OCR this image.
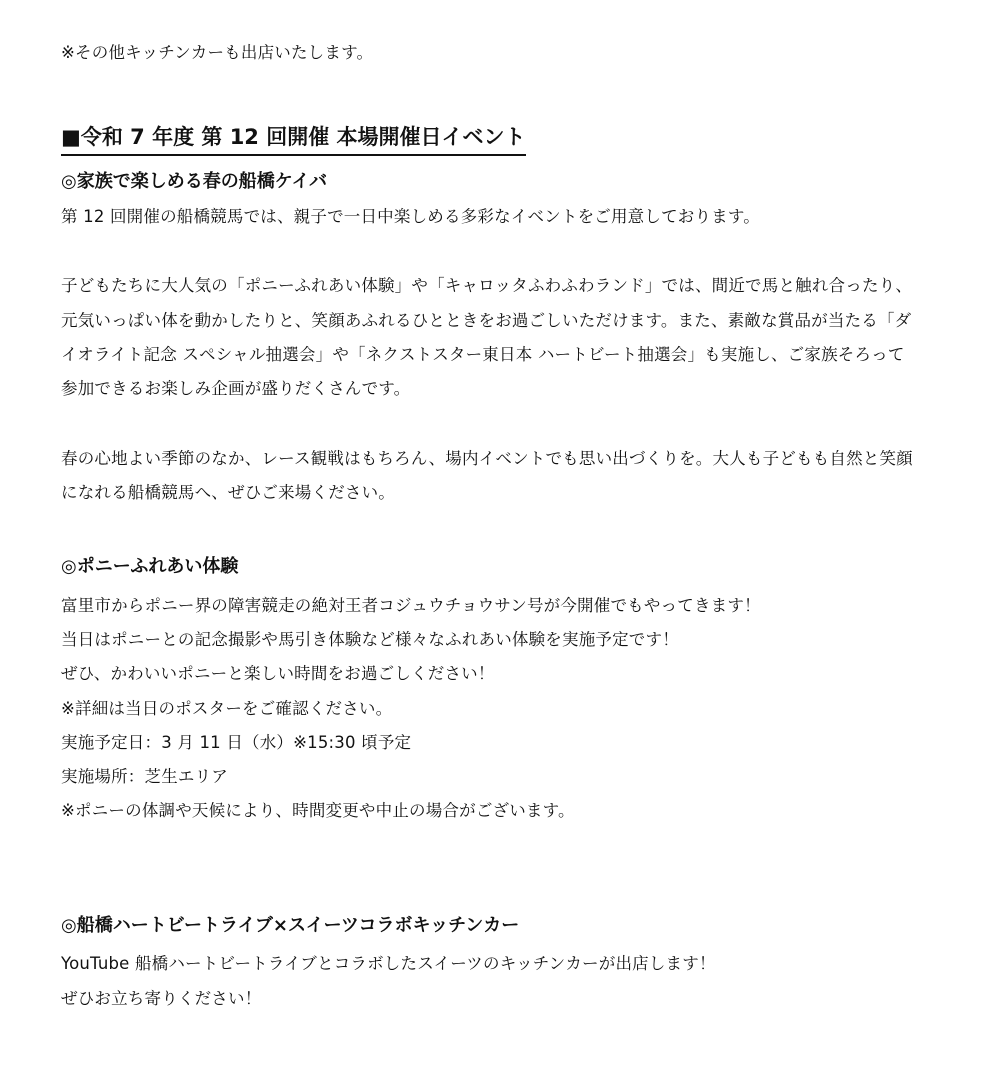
※その他キッチンカーも出店いたします。
■令和 7 年度 第 12 回開催 本場開催日イベント
◎家族で楽しめる春の船橋ケイバ
第 12 回開催の船橋競馬では、親子で一日中楽しめる多彩なイベントをご用意しております。
子どもたちに大人気の「ポニーふれあい体験」や「キャロッタふわふわランド」では、間近で馬と触れ合ったり、
元気いっぱい体を動かしたりと、笑顔あふれるひとときをお過ごしいただけます。また、素敵な賞品が当たる「ダ
イオライト記念 スペシャル抽選会」や「ネクストスター東日本 ハートビート抽選会」も実施し、ご家族そろって
参加できるお楽しみ企画が盛りだくさんです。
春の心地よい季節のなか、レース観戦はもちろん、場内イベントでも思い出づくりを。大人も子どもも自然と笑顔
になれる船橋競馬へ、ぜひご来場ください。
◎ポニーふれあい体験
富里市からポニー界の障害競走の絶対王者コジュウチョウサン号が今開催でもやってきます！
当日はポニーとの記念撮影や馬引き体験など様々なふれあい体験を実施予定です！
ぜひ、かわいいポニーと楽しい時間をお過ごしください！
※詳細は当日のポスターをご確認ください。
実施予定日：3 月 11 日（水）※15:30 頃予定
実施場所：芝生エリア
※ポニーの体調や天候により、時間変更や中止の場合がございます。
◎船橋ハートビートライブ×スイーツコラボキッチンカー
YouTube 船橋ハートビートライブとコラボしたスイーツのキッチンカーが出店します！
ぜひお立ち寄りください！
